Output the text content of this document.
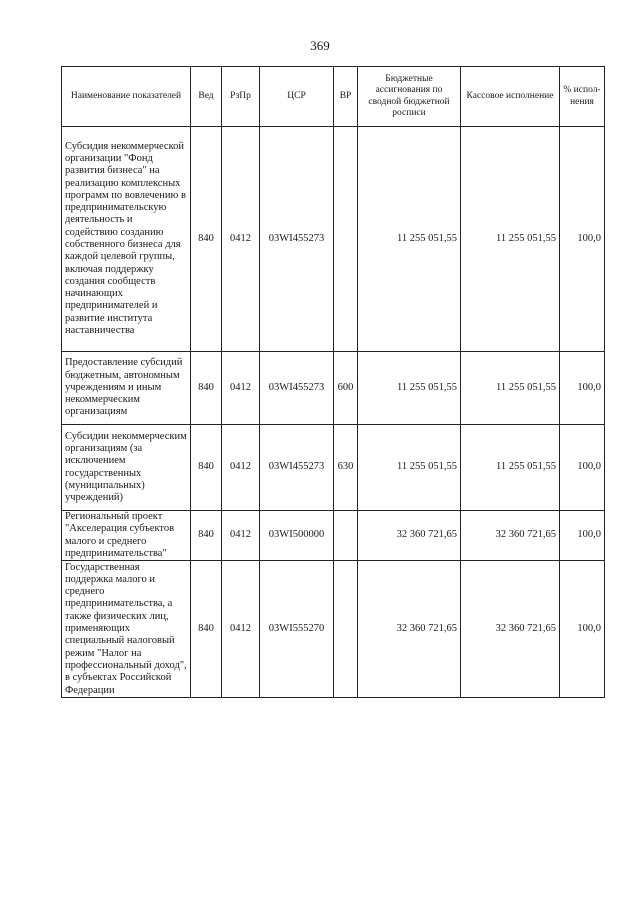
369
Наименование показателей	Вед	РзПр	ЦСР	ВР	Бюджетные ассигнования по сводной бюджетной росписи	Кассовое исполнение	% испол-нения
Субсидия некоммерческой организации "Фонд развития бизнеса" на реализацию комплексных программ по вовлечению в предпринимательскую деятельность и содействию созданию собственного бизнеса для каждой целевой группы, включая поддержку создания сообществ начинающих предпринимателей и развитие института наставничества	840	0412	03WI455273		11 255 051,55	11 255 051,55	100,0
Предоставление субсидий бюджетным, автономным учреждениям и иным некоммерческим организациям	840	0412	03WI455273	600	11 255 051,55	11 255 051,55	100,0
Субсидии некоммерческим организациям (за исключением государственных (муниципальных) учреждений)	840	0412	03WI455273	630	11 255 051,55	11 255 051,55	100,0
Региональный проект "Акселерация субъектов малого и среднего предпринимательства"	840	0412	03WI500000		32 360 721,65	32 360 721,65	100,0
Государственная поддержка малого и среднего предпринимательства, а также физических лиц, применяющих специальный налоговый режим "Налог на профессиональный доход", в субъектах Российской Федерации	840	0412	03WI555270		32 360 721,65	32 360 721,65	100,0
